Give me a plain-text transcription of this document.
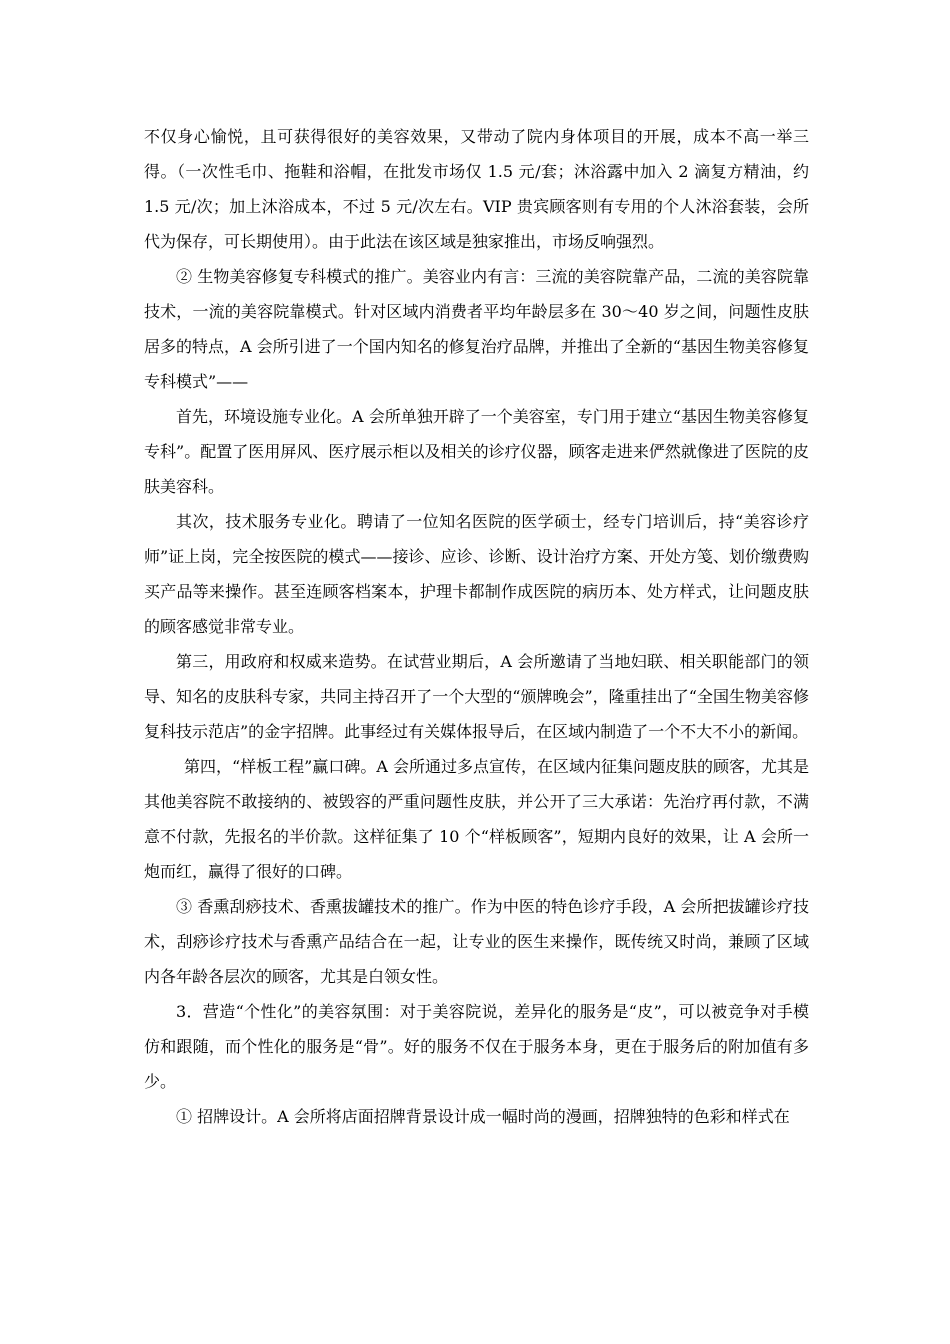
不仅身心愉悦，且可获得很好的美容效果，又带动了院内身体项目的开展，成本不高一举三得。（一次性毛巾、拖鞋和浴帽，在批发市场仅 1.5 元/套；沐浴露中加入 2 滴复方精油，约 1.5 元/次；加上沐浴成本，不过 5 元/次左右。VIP 贵宾顾客则有专用的个人沐浴套装，会所代为保存，可长期使用）。由于此法在该区域是独家推出，市场反响强烈。

② 生物美容修复专科模式的推广。美容业内有言：三流的美容院靠产品，二流的美容院靠技术，一流的美容院靠模式。针对区域内消费者平均年龄层多在 30～40 岁之间，问题性皮肤居多的特点，A 会所引进了一个国内知名的修复治疗品牌，并推出了全新的“基因生物美容修复专科模式”——

首先，环境设施专业化。A 会所单独开辟了一个美容室，专门用于建立“基因生物美容修复专科”。配置了医用屏风、医疗展示柜以及相关的诊疗仪器，顾客走进来俨然就像进了医院的皮肤美容科。

其次，技术服务专业化。聘请了一位知名医院的医学硕士，经专门培训后，持“美容诊疗师”证上岗，完全按医院的模式——接诊、应诊、诊断、设计治疗方案、开处方笺、划价缴费购买产品等来操作。甚至连顾客档案本，护理卡都制作成医院的病历本、处方样式，让问题皮肤的顾客感觉非常专业。

第三，用政府和权威来造势。在试营业期后，A 会所邀请了当地妇联、相关职能部门的领导、知名的皮肤科专家，共同主持召开了一个大型的“颁牌晚会”，隆重挂出了“全国生物美容修复科技示范店”的金字招牌。此事经过有关媒体报导后，在区域内制造了一个不大不小的新闻。

第四，“样板工程”赢口碑。A 会所通过多点宣传，在区域内征集问题皮肤的顾客，尤其是其他美容院不敢接纳的、被毁容的严重问题性皮肤，并公开了三大承诺：先治疗再付款，不满意不付款，先报名的半价款。这样征集了 10 个“样板顾客”，短期内良好的效果，让 A 会所一炮而红，赢得了很好的口碑。

③ 香熏刮痧技术、香熏拔罐技术的推广。作为中医的特色诊疗手段，A 会所把拔罐诊疗技术，刮痧诊疗技术与香熏产品结合在一起，让专业的医生来操作，既传统又时尚，兼顾了区域内各年龄各层次的顾客，尤其是白领女性。

3．营造“个性化”的美容氛围：对于美容院说，差异化的服务是“皮”，可以被竞争对手模仿和跟随，而个性化的服务是“骨”。好的服务不仅在于服务本身，更在于服务后的附加值有多少。

① 招牌设计。A 会所将店面招牌背景设计成一幅时尚的漫画，招牌独特的色彩和样式在
